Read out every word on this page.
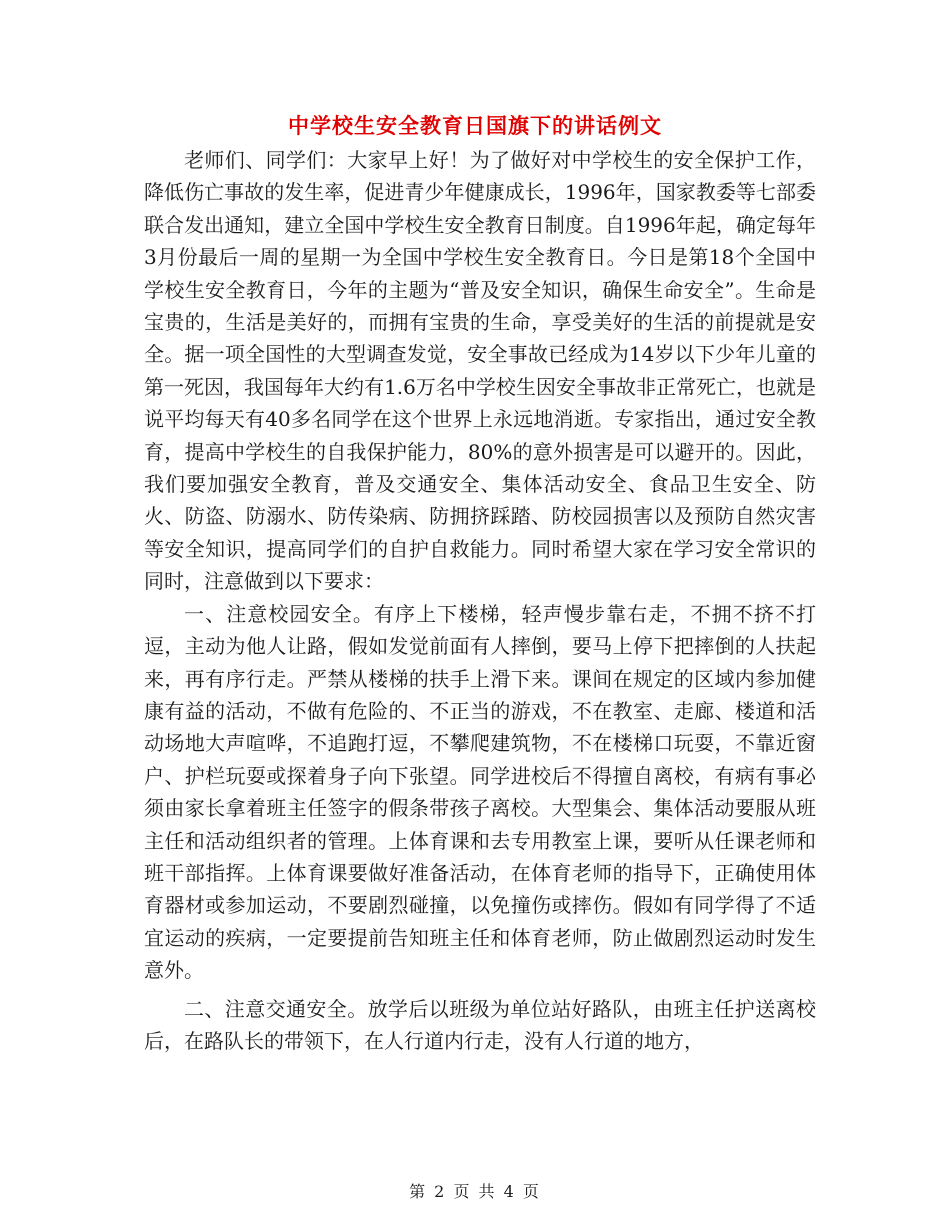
中学校生安全教育日国旗下的讲话例文

老师们、同学们：大家早上好！为了做好对中学校生的安全保护工作，降低伤亡事故的发生率，促进青少年健康成长，1996年，国家教委等七部委联合发出通知，建立全国中学校生安全教育日制度。自1996年起，确定每年3月份最后一周的星期一为全国中学校生安全教育日。今日是第18个全国中学校生安全教育日，今年的主题为“普及安全知识，确保生命安全”。生命是宝贵的，生活是美好的，而拥有宝贵的生命，享受美好的生活的前提就是安全。据一项全国性的大型调查发觉，安全事故已经成为14岁以下少年儿童的第一死因，我国每年大约有1.6万名中学校生因安全事故非正常死亡，也就是说平均每天有40多名同学在这个世界上永远地消逝。专家指出，通过安全教育，提高中学校生的自我保护能力，80%的意外损害是可以避开的。因此，我们要加强安全教育，普及交通安全、集体活动安全、食品卫生安全、防火、防盗、防溺水、防传染病、防拥挤踩踏、防校园损害以及预防自然灾害等安全知识，提高同学们的自护自救能力。同时希望大家在学习安全常识的同时，注意做到以下要求：

一、注意校园安全。有序上下楼梯，轻声慢步靠右走，不拥不挤不打逗，主动为他人让路，假如发觉前面有人摔倒，要马上停下把摔倒的人扶起来，再有序行走。严禁从楼梯的扶手上滑下来。课间在规定的区域内参加健康有益的活动，不做有危险的、不正当的游戏，不在教室、走廊、楼道和活动场地大声喧哗，不追跑打逗，不攀爬建筑物，不在楼梯口玩耍，不靠近窗户、护栏玩耍或探着身子向下张望。同学进校后不得擅自离校，有病有事必须由家长拿着班主任签字的假条带孩子离校。大型集会、集体活动要服从班主任和活动组织者的管理。上体育课和去专用教室上课，要听从任课老师和班干部指挥。上体育课要做好准备活动，在体育老师的指导下，正确使用体育器材或参加运动，不要剧烈碰撞，以免撞伤或摔伤。假如有同学得了不适宜运动的疾病，一定要提前告知班主任和体育老师，防止做剧烈运动时发生意外。

二、注意交通安全。放学后以班级为单位站好路队，由班主任护送离校后，在路队长的带领下，在人行道内行走，没有人行道的地方，

第 2 页 共 4 页
